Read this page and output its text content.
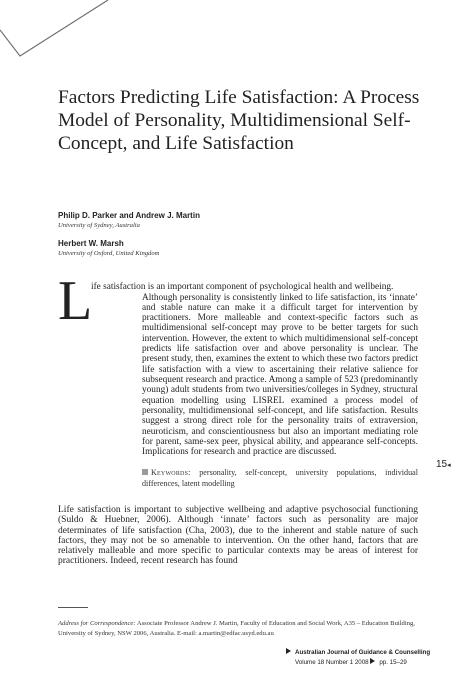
Factors Predicting Life Satisfaction: A Process Model of Personality, Multidimensional Self-Concept, and Life Satisfaction
Philip D. Parker and Andrew J. Martin
University of Sydney, Australia
Herbert W. Marsh
University of Oxford, United Kingdom
L
ife satisfaction is an important component of psychological health and wellbeing.
Although personality is consistently linked to life satisfaction, its ‘innate’ and stable nature can make it a difficult target for intervention by practitioners. More malleable and context-specific factors such as multidimensional self-concept may prove to be better targets for such intervention. However, the extent to which multidimensional self-concept predicts life satisfaction over and above personality is unclear. The present study, then, examines the extent to which these two factors predict life satisfaction with a view to ascertaining their relative salience for subsequent research and practice. Among a sample of 523 (predominantly young) adult students from two universities/colleges in Sydney, structural equation modelling using LISREL examined a process model of personality, multidimensional self-concept, and life satisfaction. Results suggest a strong direct role for the personality traits of extraversion, neuroticism, and conscientiousness but also an important mediating role for parent, same-sex peer, physical ability, and appearance self-concepts. Implications for research and practice are discussed.
Keywords: personality, self-concept, university populations, individual differences, latent modelling
15◂
Life satisfaction is important to subjective wellbeing and adaptive psychosocial functioning (Suldo & Huebner, 2006). Although ‘innate’ factors such as personality are major determinates of life satisfaction (Cha, 2003), due to the inherent and stable nature of such factors, they may not be so amenable to intervention. On the other hand, factors that are relatively malleable and more specific to particular contexts may be areas of interest for practitioners. Indeed, recent research has found
Address for Correspondence: Associate Professor Andrew J. Martin, Faculty of Education and Social Work, A35 – Education Building, University of Sydney, NSW 2006, Australia. E-mail: a.martin@edfac.usyd.edu.au
Australian Journal of Guidance & Counselling
Volume 18 Number 1 2008 pp. 15–29
